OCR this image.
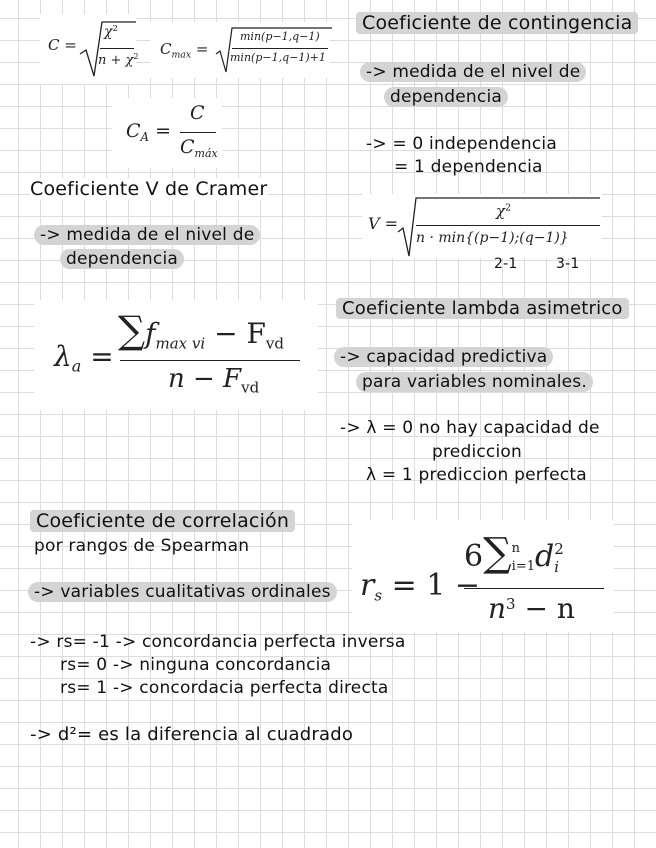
C =
$\chi^2$
$n + \chi^2$ $C_{max}$ =
min(p−1,q−1)
min(p−1,q−1)+1
$C_A$ =
C
$C_{máx}$
Coeficiente de contingencia
-> medida de el nivel de
dependencia
-> = 0 independencia
= 1 dependencia
Coeficiente V de Cramer
-> medida de el nivel de
dependencia
V =
$\chi^2$
n · min{(p−1);(q−1)}
2-1	3-1
$\lambda_a$ =
$\sum f_{max vi} - F_{vd}$
$n - F_{vd}$
Coeficiente lambda asimetrico
-> capacidad predictiva
para variables nominales.
-> λ = 0 no hay capacidad de
prediccion
λ = 1 prediccion perfecta
Coeficiente de correlación
por rangos de Spearman
-> variables cualitativas ordinales $r_s = 1$ −
6∑ n
i=1 d 2
i
$n^3 - n$
-> rs= -1 -> concordancia perfecta inversa
rs= 0 -> ninguna concordancia
rs= 1 -> concordacia perfecta directa
-> d²= es la diferencia al cuadrado
